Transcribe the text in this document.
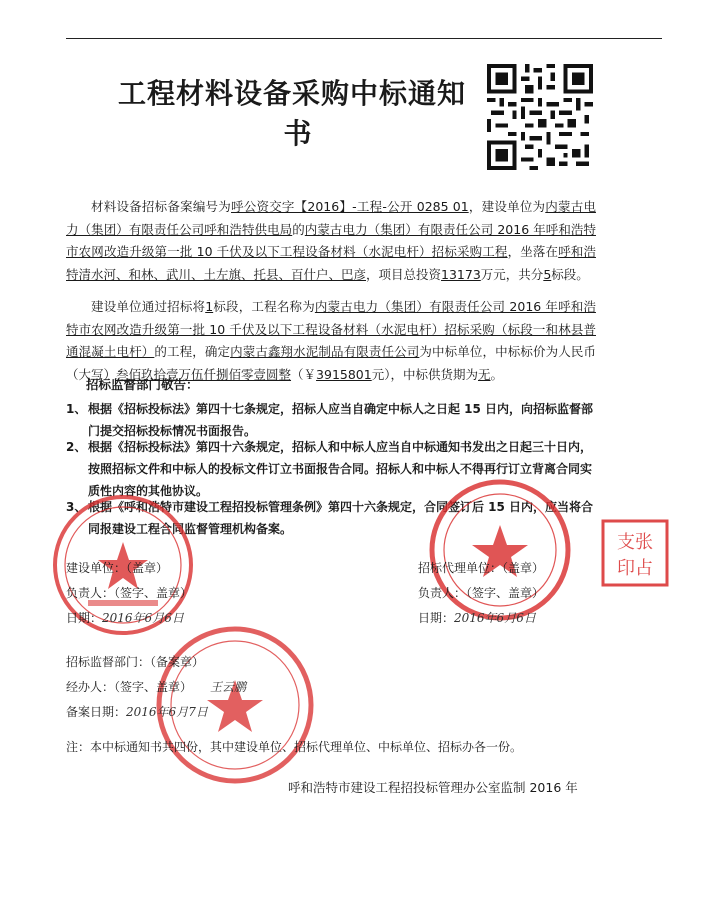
工程材料设备采购中标通知
书
材料设备招标备案编号为呼公资交字【2016】-工程-公开 0285 01，建设单位为内蒙古电力（集团）有限责任公司呼和浩特供电局的内蒙古电力（集团）有限责任公司 2016 年呼和浩特市农网改造升级第一批 10 千伏及以下工程设备材料（水泥电杆）招标采购工程，坐落在呼和浩特清水河、和林、武川、土左旗、托县、百什户、巴彦，项目总投资13173万元，共分5标段。
建设单位通过招标将1标段，工程名称为内蒙古电力（集团）有限责任公司 2016 年呼和浩特市农网改造升级第一批 10 千伏及以下工程设备材料（水泥电杆）招标采购（标段一和林县普通混凝土电杆）的工程，确定内蒙古鑫翔水泥制品有限责任公司为中标单位，中标标价为人民币（大写）叁佰玖拾壹万伍仟捌佰零壹圆整（￥3915801元），中标供货期为无。
招标监督部门敬告：
1、 根据《招标投标法》第四十七条规定，招标人应当自确定中标人之日起 15 日内，向招标监督部门提交招标投标情况书面报告。
2、 根据《招标投标法》第四十六条规定，招标人和中标人应当自中标通知书发出之日起三十日内，按照招标文件和中标人的投标文件订立书面报告合同。招标人和中标人不得再行订立背离合同实质性内容的其他协议。
3、 根据《呼和浩特市建设工程招投标管理条例》第四十六条规定，合同签订后 15 日内，应当将合同报建设工程合同监督管理机构备案。
支张
印占
建设单位：（盖章）
负责人：（签字、盖章）
日期：2016年6月6日
招标代理单位：（盖章）
负责人：（签字、盖章）
日期：2016年6月6日
招标监督部门：（备案章）
经办人：（签字、盖章） 王云鹏
备案日期：2016年6月7日
注：本中标通知书共四份，其中建设单位、招标代理单位、中标单位、招标办各一份。
呼和浩特市建设工程招投标管理办公室监制 2016 年
